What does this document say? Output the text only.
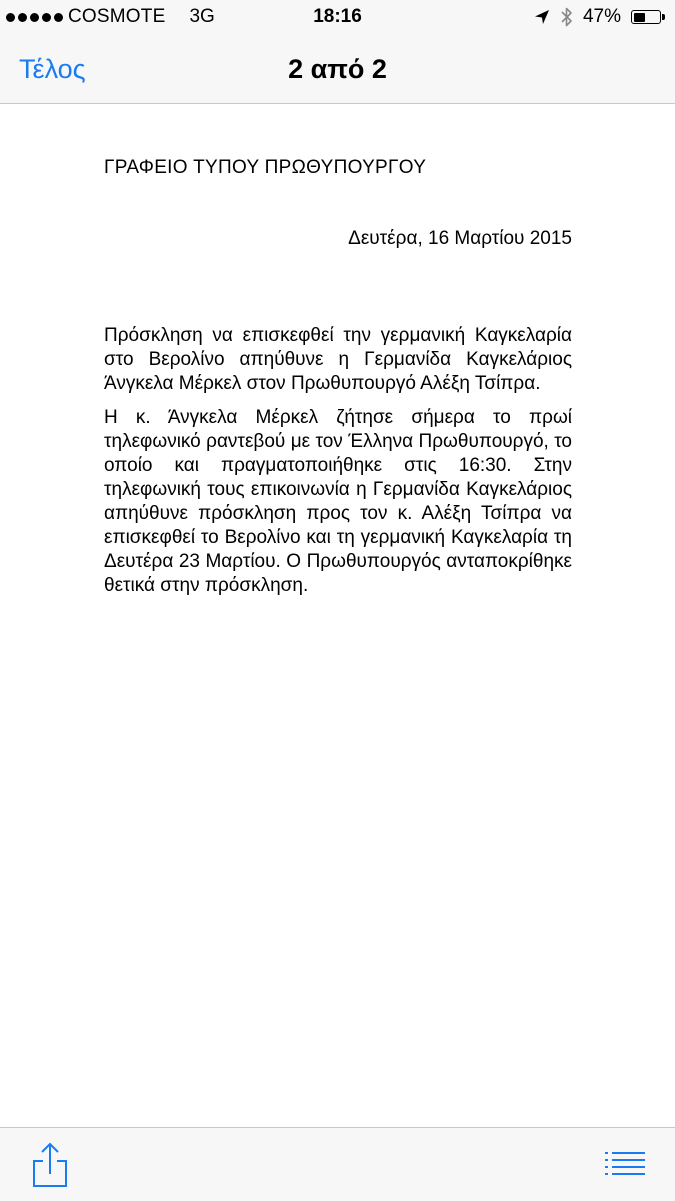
COSMOTE 3G	18:16	47%
Τέλος	2 από 2
ΓΡΑΦΕΙΟ ΤΥΠΟΥ ΠΡΩΘΥΠΟΥΡΓΟΥ
Δευτέρα, 16 Μαρτίου 2015

Πρόσκληση να επισκεφθεί την γερμανική Καγκελαρία στο Βερολίνο απηύθυνε η Γερμανίδα Καγκελάριος Άνγκελα Μέρκελ στον Πρωθυπουργό Αλέξη Τσίπρα.

Η κ. Άνγκελα Μέρκελ ζήτησε σήμερα το πρωί τηλεφωνικό ραντεβού με τον Έλληνα Πρωθυπουργό, το οποίο και πραγματοποιήθηκε στις 16:30. Στην τηλεφωνική τους επικοινωνία η Γερμανίδα Καγκελάριος απηύθυνε πρόσκληση προς τον κ. Αλέξη Τσίπρα να επισκεφθεί το Βερολίνο και τη γερμανική Καγκελαρία τη Δευτέρα 23 Μαρτίου. Ο Πρωθυπουργός ανταποκρίθηκε θετικά στην πρόσκληση.
